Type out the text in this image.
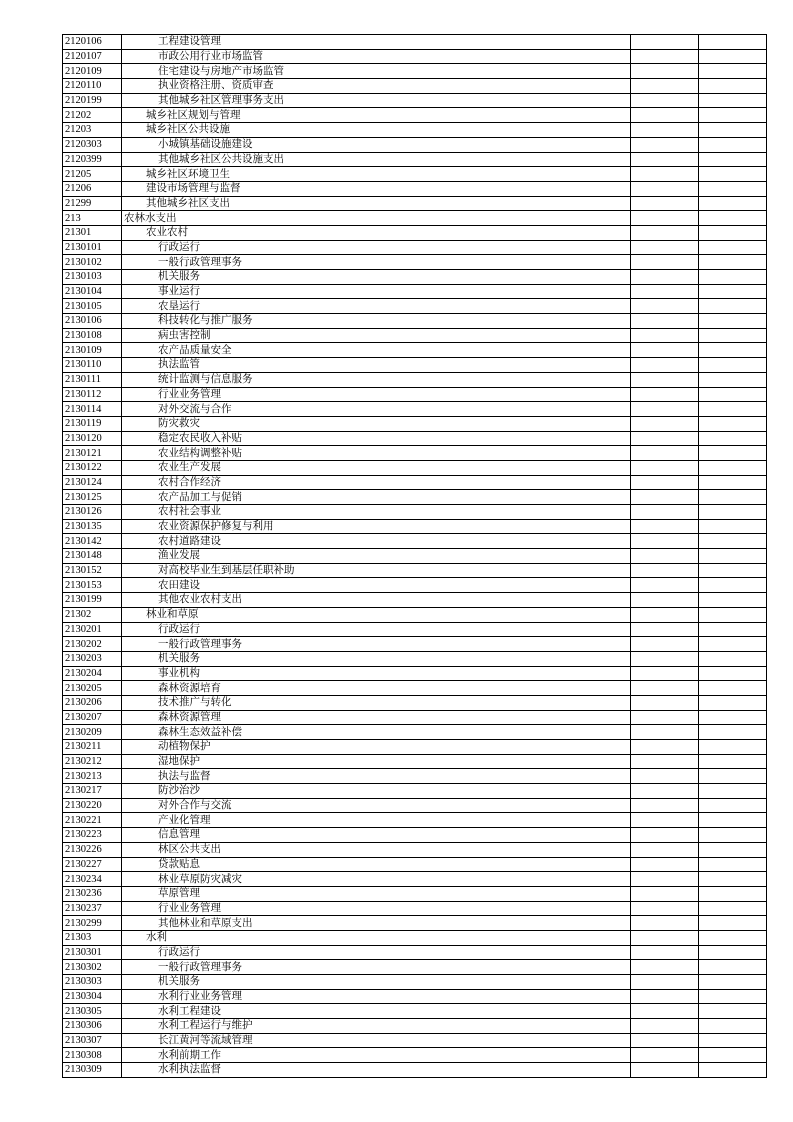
2120106	工程建设管理		
2120107	市政公用行业市场监管		
2120109	住宅建设与房地产市场监管		
2120110	执业资格注册、资质审查		
2120199	其他城乡社区管理事务支出		
21202	城乡社区规划与管理		
21203	城乡社区公共设施		
2120303	小城镇基础设施建设		
2120399	其他城乡社区公共设施支出		
21205	城乡社区环境卫生		
21206	建设市场管理与监督		
21299	其他城乡社区支出		
213	农林水支出		
21301	农业农村		
2130101	行政运行		
2130102	一般行政管理事务		
2130103	机关服务		
2130104	事业运行		
2130105	农垦运行		
2130106	科技转化与推广服务		
2130108	病虫害控制		
2130109	农产品质量安全		
2130110	执法监管		
2130111	统计监测与信息服务		
2130112	行业业务管理		
2130114	对外交流与合作		
2130119	防灾救灾		
2130120	稳定农民收入补贴		
2130121	农业结构调整补贴		
2130122	农业生产发展		
2130124	农村合作经济		
2130125	农产品加工与促销		
2130126	农村社会事业		
2130135	农业资源保护修复与利用		
2130142	农村道路建设		
2130148	渔业发展		
2130152	对高校毕业生到基层任职补助		
2130153	农田建设		
2130199	其他农业农村支出		
21302	林业和草原		
2130201	行政运行		
2130202	一般行政管理事务		
2130203	机关服务		
2130204	事业机构		
2130205	森林资源培育		
2130206	技术推广与转化		
2130207	森林资源管理		
2130209	森林生态效益补偿		
2130211	动植物保护		
2130212	湿地保护		
2130213	执法与监督		
2130217	防沙治沙		
2130220	对外合作与交流		
2130221	产业化管理		
2130223	信息管理		
2130226	林区公共支出		
2130227	贷款贴息		
2130234	林业草原防灾减灾		
2130236	草原管理		
2130237	行业业务管理		
2130299	其他林业和草原支出		
21303	水利		
2130301	行政运行		
2130302	一般行政管理事务		
2130303	机关服务		
2130304	水利行业业务管理		
2130305	水利工程建设		
2130306	水利工程运行与维护		
2130307	长江黄河等流域管理		
2130308	水利前期工作		
2130309	水利执法监督		
